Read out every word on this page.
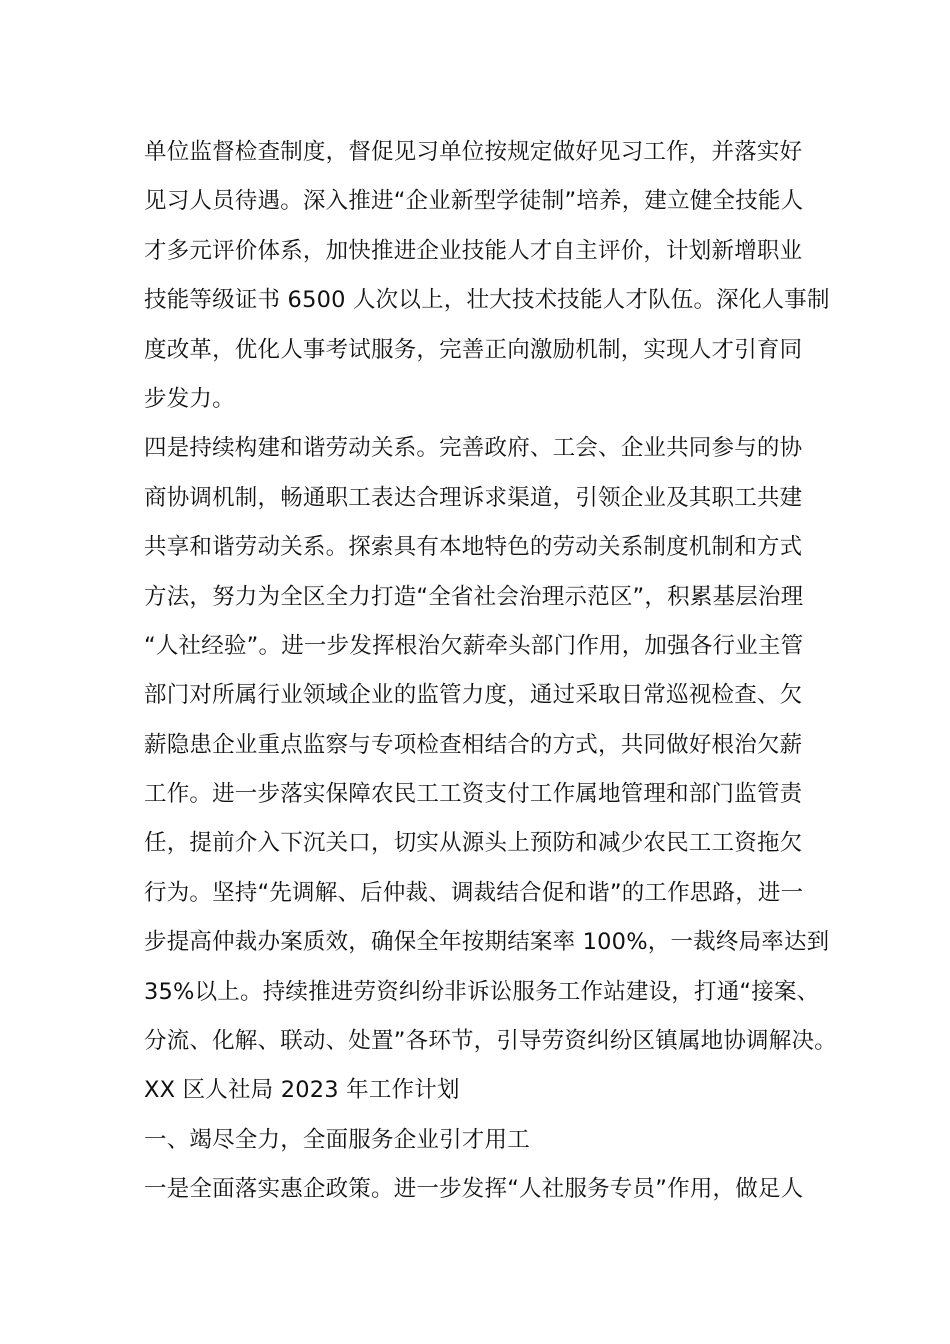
单位监督检查制度，督促见习单位按规定做好见习工作，并落实好
见习人员待遇。深入推进“企业新型学徒制”培养，建立健全技能人
才多元评价体系，加快推进企业技能人才自主评价，计划新增职业
技能等级证书 6500 人次以上，壮大技术技能人才队伍。深化人事制
度改革，优化人事考试服务，完善正向激励机制，实现人才引育同
步发力。
四是持续构建和谐劳动关系。完善政府、工会、企业共同参与的协
商协调机制，畅通职工表达合理诉求渠道，引领企业及其职工共建
共享和谐劳动关系。探索具有本地特色的劳动关系制度机制和方式
方法，努力为全区全力打造“全省社会治理示范区”，积累基层治理
“人社经验”。进一步发挥根治欠薪牵头部门作用，加强各行业主管
部门对所属行业领域企业的监管力度，通过采取日常巡视检查、欠
薪隐患企业重点监察与专项检查相结合的方式，共同做好根治欠薪
工作。进一步落实保障农民工工资支付工作属地管理和部门监管责
任，提前介入下沉关口，切实从源头上预防和减少农民工工资拖欠
行为。坚持“先调解、后仲裁、调裁结合促和谐”的工作思路，进一
步提高仲裁办案质效，确保全年按期结案率 100%，一裁终局率达到
35%以上。持续推进劳资纠纷非诉讼服务工作站建设，打通“接案、
分流、化解、联动、处置”各环节，引导劳资纠纷区镇属地协调解决。
XX 区人社局 2023 年工作计划
一、竭尽全力，全面服务企业引才用工
一是全面落实惠企政策。进一步发挥“人社服务专员”作用，做足人
